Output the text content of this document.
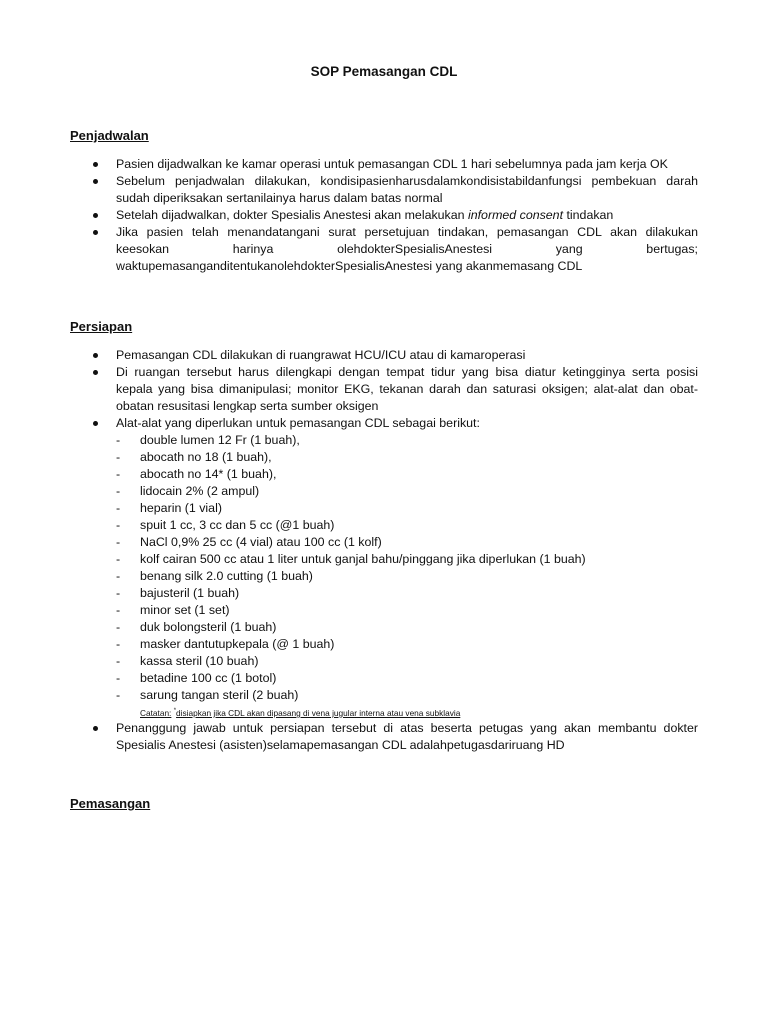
SOP Pemasangan CDL
Penjadwalan
Pasien dijadwalkan ke kamar operasi untuk pemasangan CDL 1 hari sebelumnya pada jam kerja OK
Sebelum penjadwalan dilakukan, kondisipasienharusdalamkondisistabildanfungsi pembekuan darah
sudah diperiksakan sertanilainya harus dalam batas normal
Setelah dijadwalkan, dokter Spesialis Anestesi akan melakukan informed consent tindakan
Jika pasien telah menandatangani surat persetujuan tindakan, pemasangan CDL akan dilakukan
keesokan	harinya	olehdokterSpesialisAnestesi	yang	bertugas;
waktupemasanganditentukanolehdokterSpesialisAnestesi yang akanmemasang CDL
Persiapan
Pemasangan CDL dilakukan di ruangrawat HCU/ICU atau di kamaroperasi
Di ruangan tersebut harus dilengkapi dengan tempat tidur yang bisa diatur ketingginya serta posisi
kepala yang bisa dimanipulasi; monitor EKG, tekanan darah dan saturasi oksigen; alat-alat dan obat-
obatan resusitasi lengkap serta sumber oksigen
Alat-alat yang diperlukan untuk pemasangan CDL sebagai berikut:
- double lumen 12 Fr (1 buah),
- abocath no 18 (1 buah),
- abocath no 14* (1 buah),
- lidocain 2% (2 ampul)
- heparin (1 vial)
- spuit 1 cc, 3 cc dan 5 cc (@1 buah)
- NaCl 0,9% 25 cc (4 vial) atau 100 cc (1 kolf)
- kolf cairan 500 cc atau 1 liter untuk ganjal bahu/pinggang jika diperlukan (1 buah)
- benang silk 2.0 cutting (1 buah)
- bajusteril (1 buah)
- minor set (1 set)
- duk bolongsteril (1 buah)
- masker dantutupkepala (@ 1 buah)
- kassa steril (10 buah)
- betadine 100 cc (1 botol)
- sarung tangan steril (2 buah)
Catatan: *disiapkan jika CDL akan dipasang di vena jugular interna atau vena subklavia
Penanggung jawab untuk persiapan tersebut di atas beserta petugas yang akan membantu dokter
Spesialis Anestesi (asisten)selamapemasangan CDL adalahpetugasdariruang HD
Pemasangan
